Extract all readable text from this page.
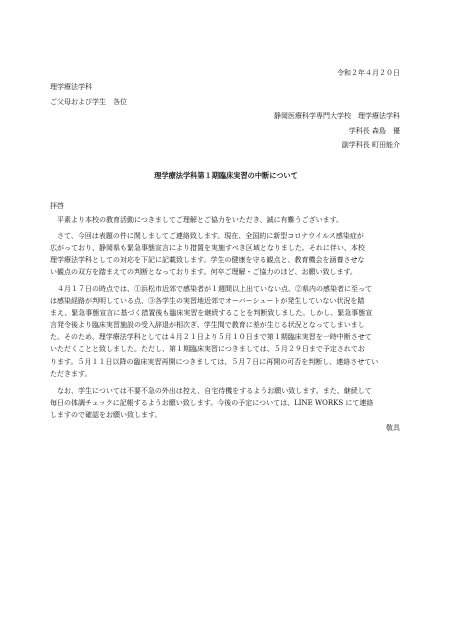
令和２年４月２０日
理学療法学科
ご父母および学生　各位
静岡医療科学専門大学校　理学療法学科
学科長 森島　優
副学科長 町田能介
理学療法学科第１期臨床実習の中断について
拝啓
平素より本校の教育活動につきましてご理解とご協力をいただき、誠に有難うございます。
さて、今回は表題の件に関しましてご連絡致します。現在、全国的に新型コロナウイルス感染症が
広がっており、静岡県も緊急事態宣言により措置を実施すべき区域となりました。それに伴い、本校
理学療法学科としての対応を下記に記載致します。学生の健康を守る観点と、教育機会を涵養させな
い観点の双方を踏まえての判断となっております。何卒ご理解・ご協力のほど、お願い致します。
４月１７日の時点では、①浜松市近郊で感染者が１週間以上出ていない点、②県内の感染者に至って
は感染経路が判明している点、③各学生の実習地近郊でオーバーシュートが発生していない状況を踏
まえ、緊急事態宣言に基づく措置後も臨床実習を継続することを判断致しました。しかし、緊急事態宣
言発令後より臨床実習施設の受入辞退が相次ぎ、学生間で教育に差が生じる状況となってしまいまし
た。そのため、理学療法学科としては４月２１日より５月１０日まで第１期臨床実習を一時中断させて
いただくことと致しました。ただし、第１期臨床実習につきましては、５月２９日まで予定されてお
ります。５月１１日以降の臨床実習再開につきましては、５月７日に再開の可否を判断し、連絡させてい
ただきます。
なお、学生については不要不急の外出は控え、自宅待機をするようお願い致します。また、継続して
毎日の体調チェックに記帳するようお願い致します。今後の予定については、LINE WORKS にて連絡
しますので確認をお願い致します。
敬具
